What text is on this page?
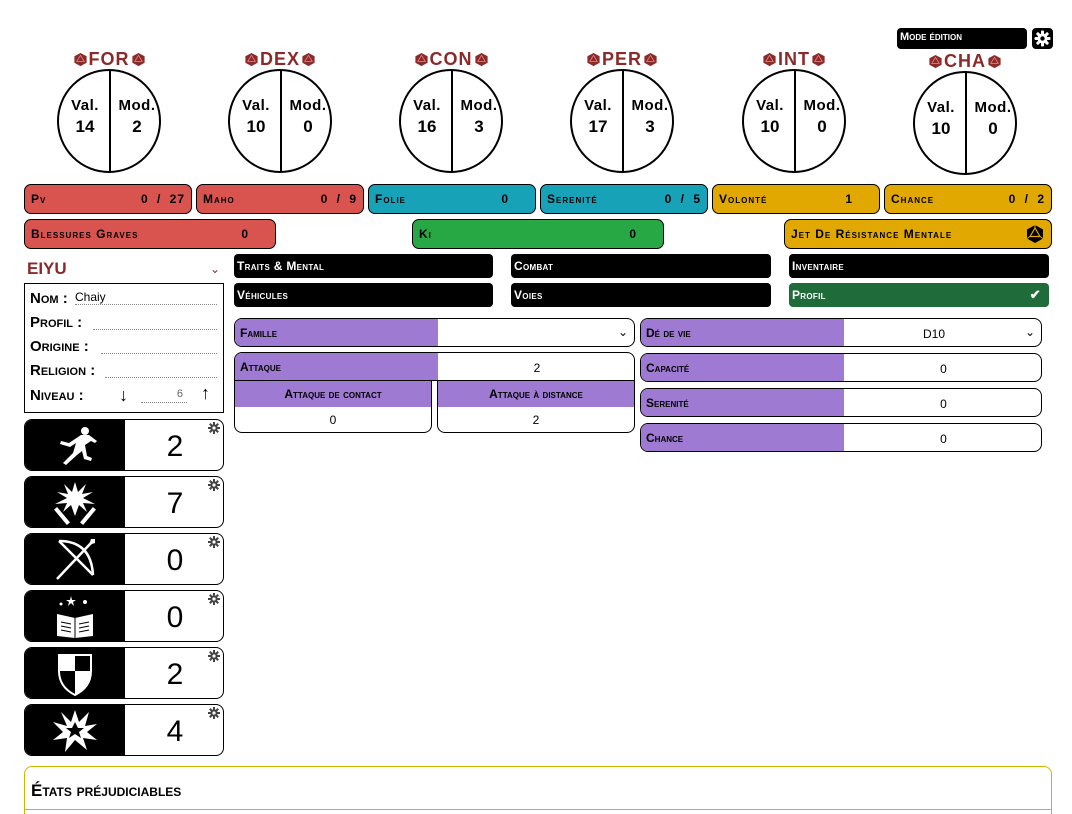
Mode édition
FOR
Val.	Mod.
14	2
DEX
Val.	Mod.
10	0
CON
Val.	Mod.
16	3
PER
Val.	Mod.
17	3
INT
Val.	Mod.
10	0
CHA
Val.	Mod.
10	0
Pv	0 / 27 Maho	0 / 9 Folie	0	Serenité	0 / 5 Volonté	1	Chance	0 / 2
Blessures Graves	0	Ki	0	Jet De Résistance Mentale
EIYU	⌄
Nom : Chaiy
Profil :
Origine :
Religion :
Niveau : ↓	6 ↑
2
7
0
0
2
4
Traits & Mental	Combat	Inventaire
Véhicules	Voies	Profil	✔
Famille	⌄
Attaque	2
Attaque de contact
0
Attaque à distance
2
Dé de vie	D10	⌄
Capacité	0
Serenité	0
Chance	0
États préjudiciables
